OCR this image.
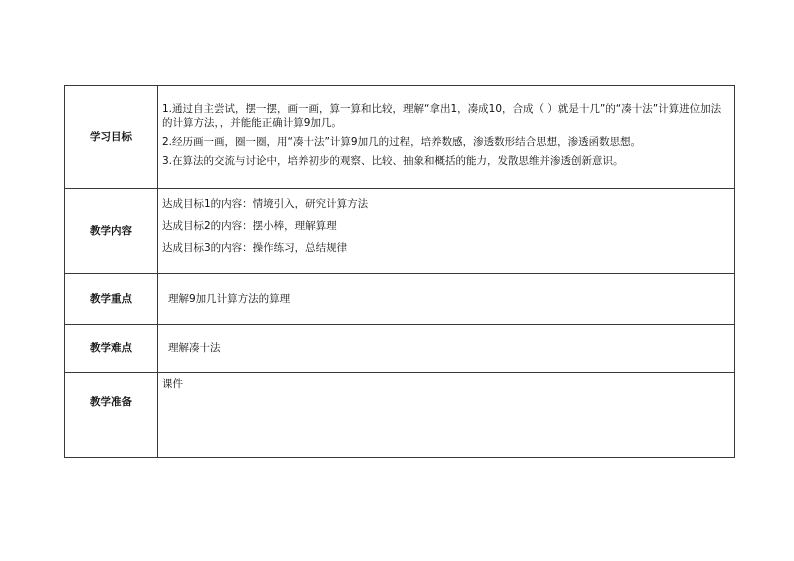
学习目标	1.通过自主尝试，摆一摆，画一画，算一算和比较，理解“拿出1，凑成10，合成（ ）就是十几”的“凑十法”计算进位加法的计算方法，，并能能正确计算9加几。
2.经历画一画，圈一圈，用“凑十法”计算9加几的过程，培养数感，渗透数形结合思想，渗透函数思想。
3.在算法的交流与讨论中，培养初步的观察、比较、抽象和概括的能力，发散思维并渗透创新意识。

教学内容	达成目标1的内容：情境引入，研究计算方法
达成目标2的内容：摆小棒，理解算理
达成目标3的内容：操作练习，总结规律

教学重点	理解9加几计算方法的算理
教学难点	理解凑十法
教学准备	课件
